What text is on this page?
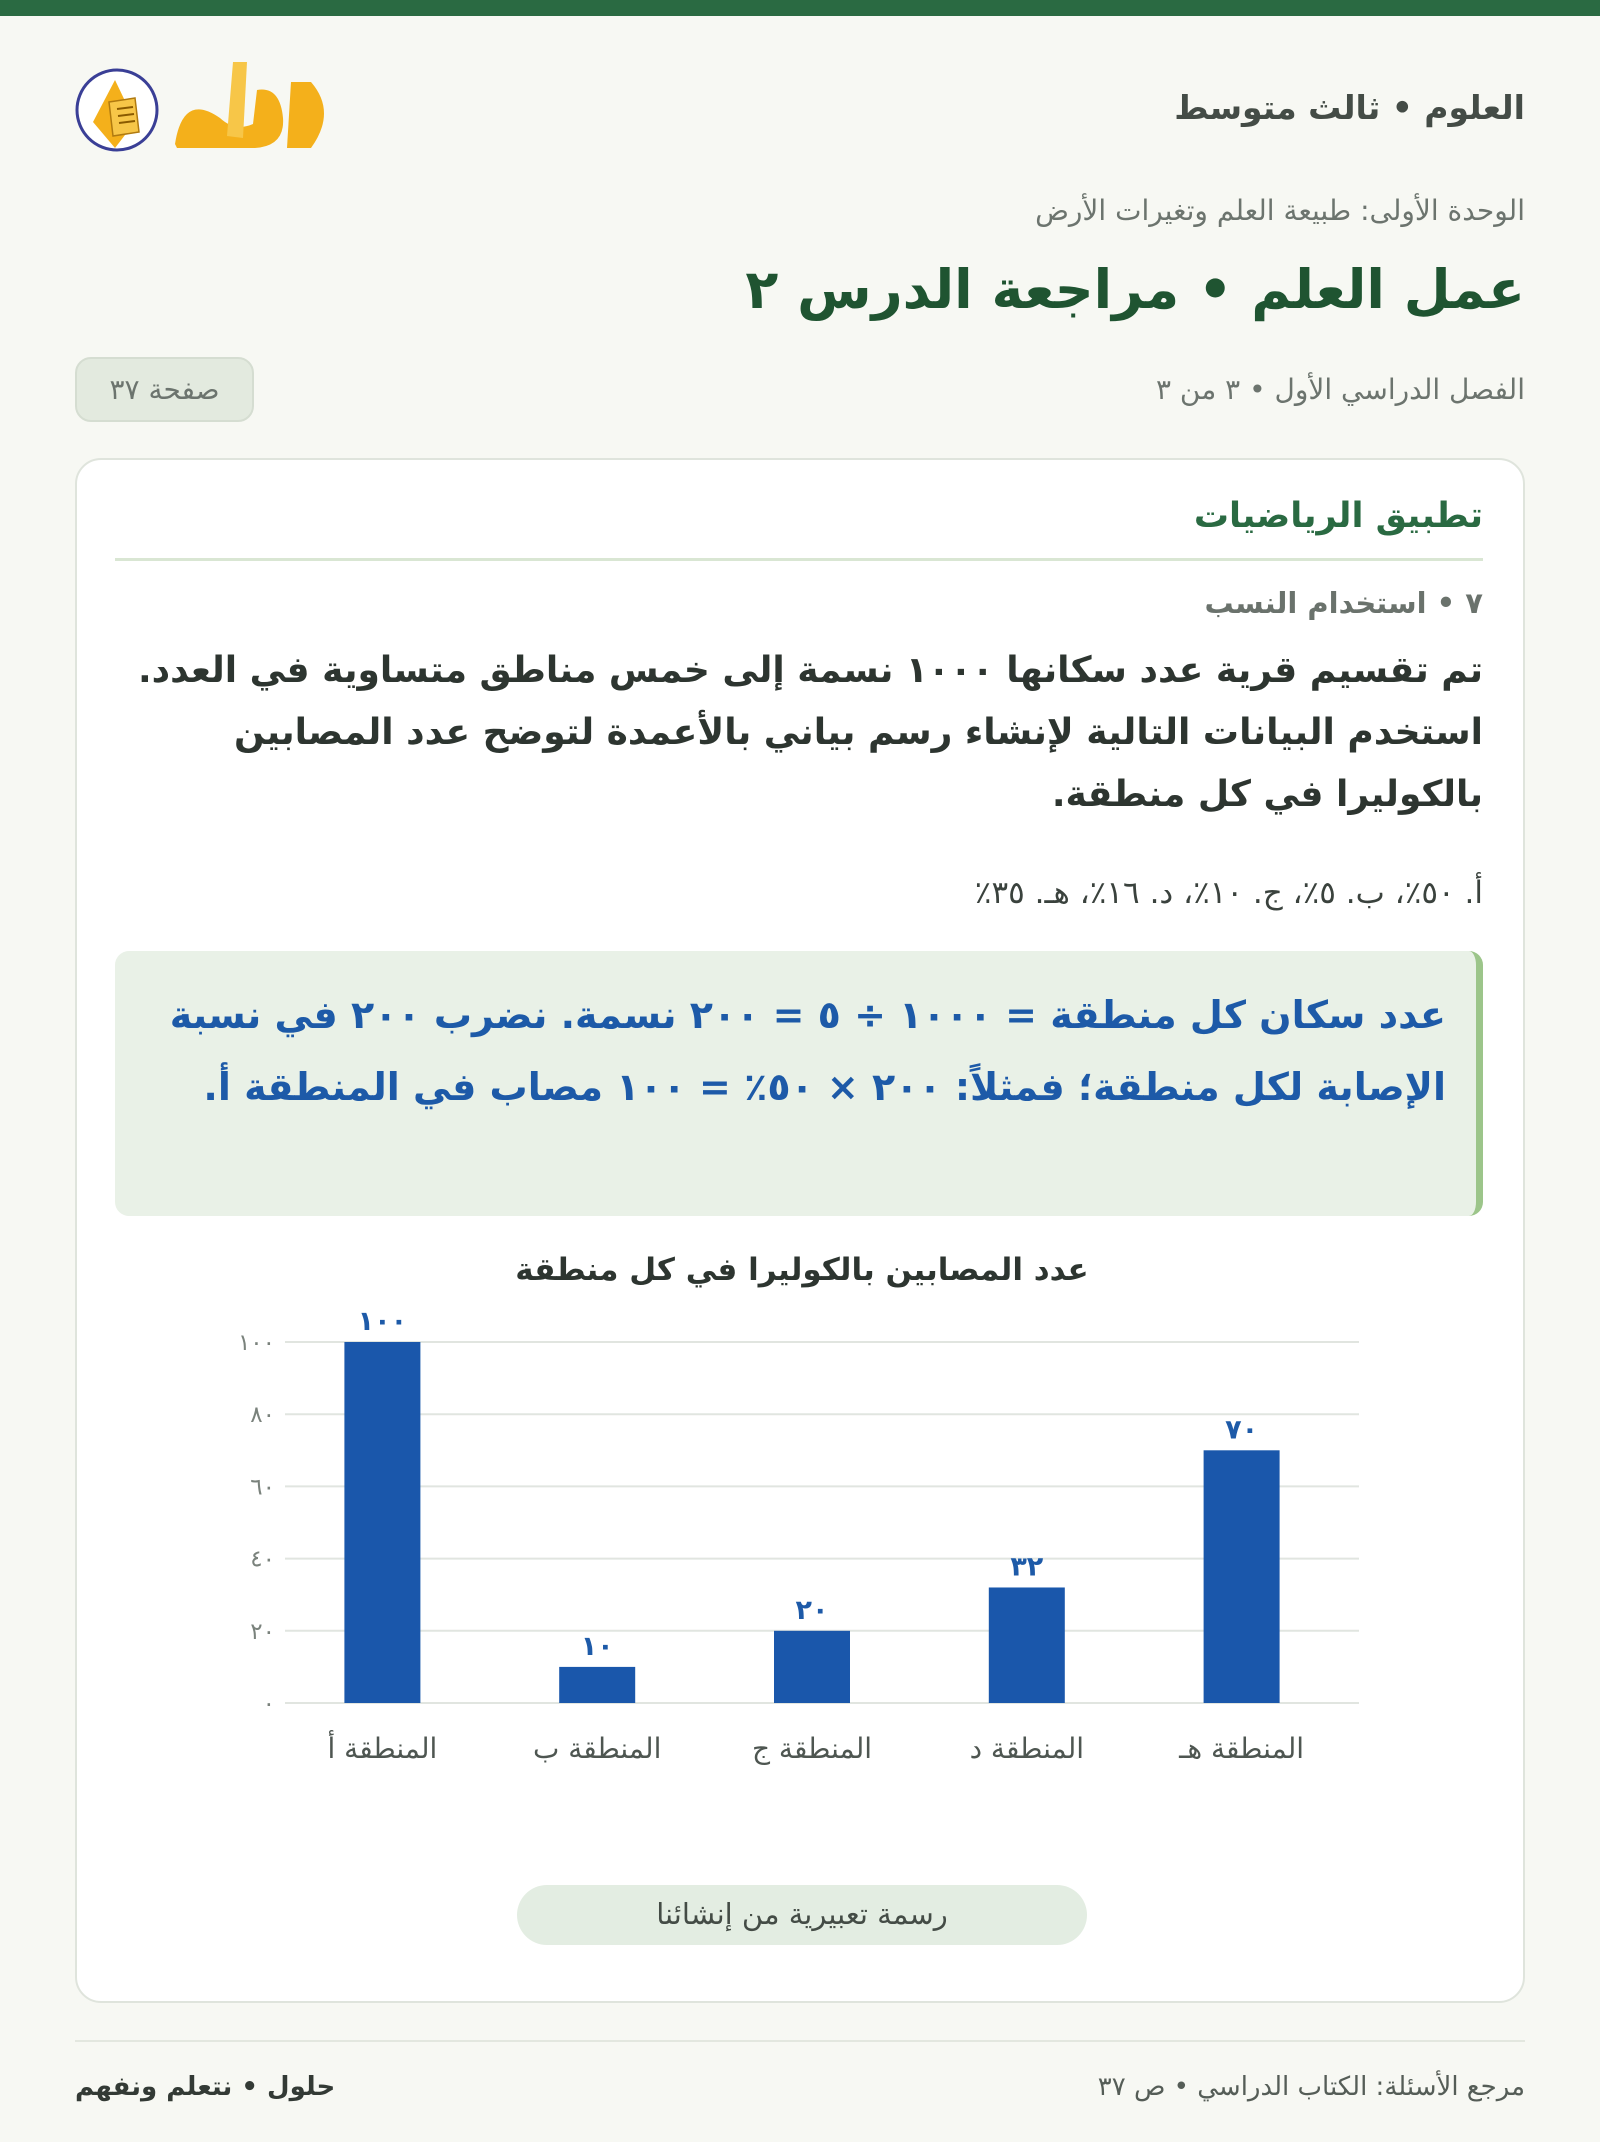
العلوم • ثالث متوسط
الوحدة الأولى: طبيعة العلم وتغيرات الأرض
عمل العلم • مراجعة الدرس ٢
الفصل الدراسي الأول • ٣ من ٣
صفحة ٣٧
تطبيق الرياضيات
٧ • استخدام النسب
تم تقسيم قرية عدد سكانها ١٠٠٠ نسمة إلى خمس مناطق متساوية في العدد. استخدم البيانات التالية لإنشاء رسم بياني بالأعمدة لتوضح عدد المصابين بالكوليرا في كل منطقة.
أ. ٥٠٪، ب. ٥٪، ج. ١٠٪، د. ١٦٪، هـ. ٣٥٪
عدد سكان كل منطقة = ١٠٠٠ ÷ ٥ = ٢٠٠ نسمة. نضرب ٢٠٠ في نسبة الإصابة لكل منطقة؛ فمثلاً: ٢٠٠ × ٥٠٪ = ١٠٠ مصاب في المنطقة أ.
عدد المصابين بالكوليرا في كل منطقة
٠
٢٠
٤٠
٦٠
٨٠
١٠٠
١٠٠
المنطقة أ
١٠
المنطقة ب
٢٠
المنطقة ج
٣٢
المنطقة د
٧٠
المنطقة هـ
رسمة تعبيرية من إنشائنا
حلول • نتعلم ونفهم	مرجع الأسئلة: الكتاب الدراسي • ص ٣٧
